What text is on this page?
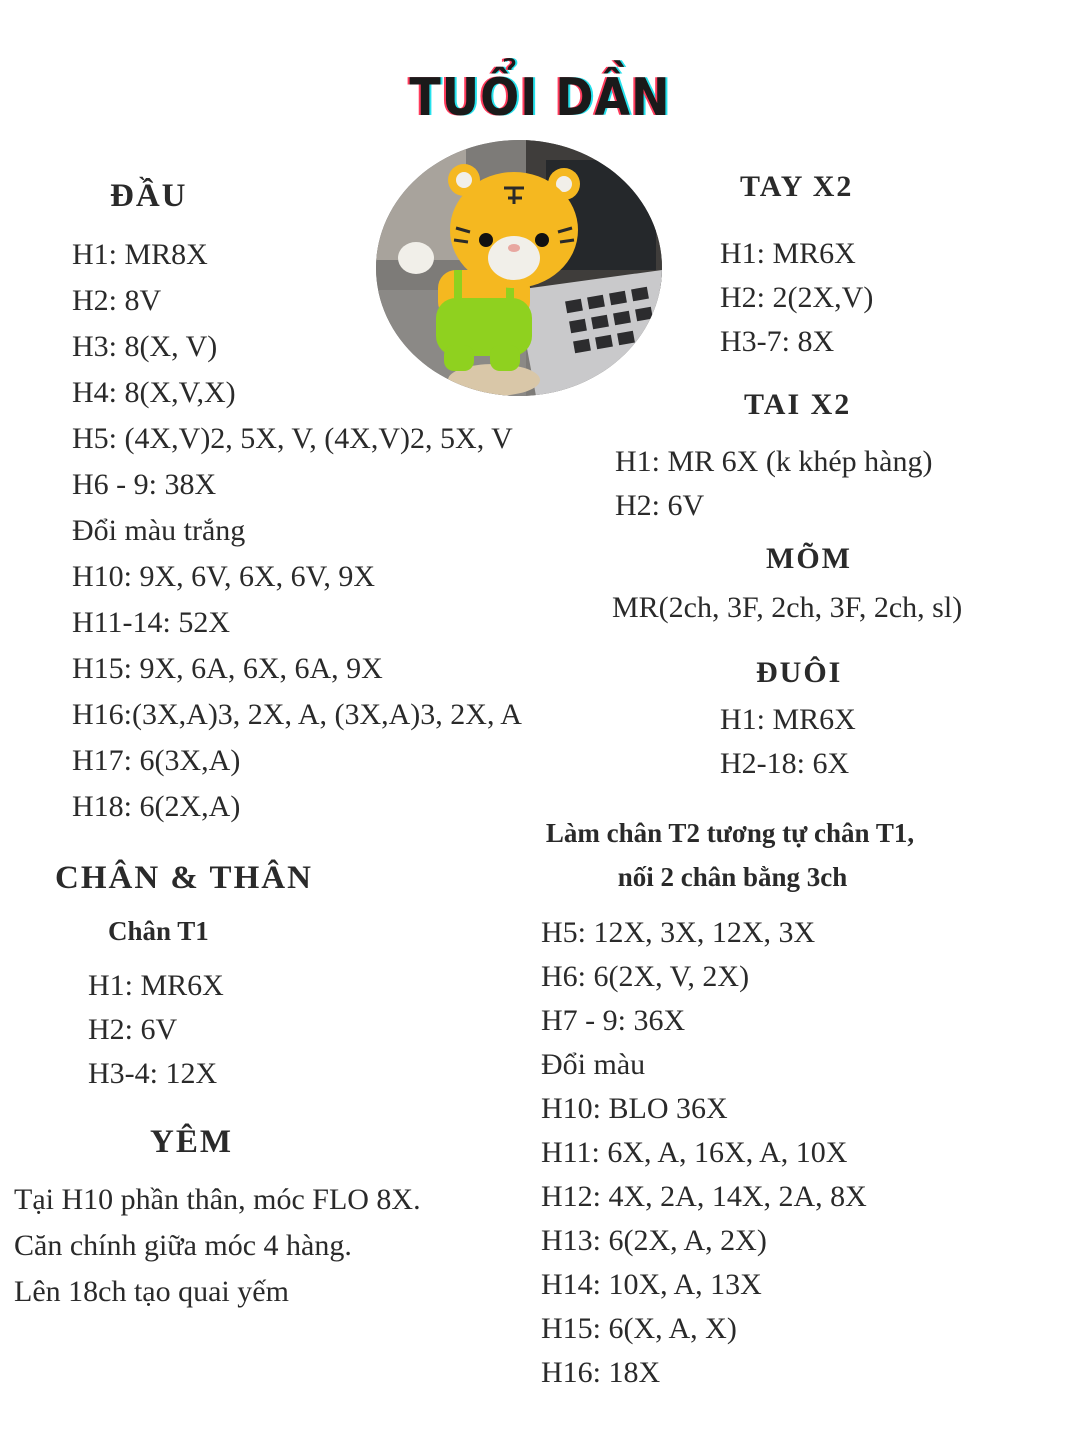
TUỔI DẦN
ĐẦU
H1: MR8X
H2: 8V
H3: 8(X, V)
H4: 8(X,V,X)
H5: (4X,V)2, 5X, V, (4X,V)2, 5X, V
H6 - 9: 38X
Đổi màu trắng
H10: 9X, 6V, 6X, 6V, 9X
H11-14: 52X
H15: 9X, 6A, 6X, 6A, 9X
H16:(3X,A)3, 2X, A, (3X,A)3, 2X, A
H17: 6(3X,A)
H18: 6(2X,A)
TAY X2
H1: MR6X
H2: 2(2X,V)
H3-7: 8X
TAI X2
H1: MR 6X (k khép hàng)
H2: 6V
MÕM
MR(2ch, 3F, 2ch, 3F, 2ch, sl)
ĐUÔI
H1: MR6X
H2-18: 6X
CHÂN & THÂN
Chân T1
H1: MR6X
H2: 6V
H3-4: 12X
Làm chân T2 tương tự chân T1,
nối 2 chân bằng 3ch
H5: 12X, 3X, 12X, 3X
H6: 6(2X, V, 2X)
H7 - 9: 36X
Đổi màu
H10: BLO 36X
H11: 6X, A, 16X, A, 10X
H12: 4X, 2A, 14X, 2A, 8X
H13: 6(2X, A, 2X)
H14: 10X, A, 13X
H15: 6(X, A, X)
H16: 18X
YÊM
Tại H10 phần thân, móc FLO 8X.
Căn chính giữa móc 4 hàng.
Lên 18ch tạo quai yếm
